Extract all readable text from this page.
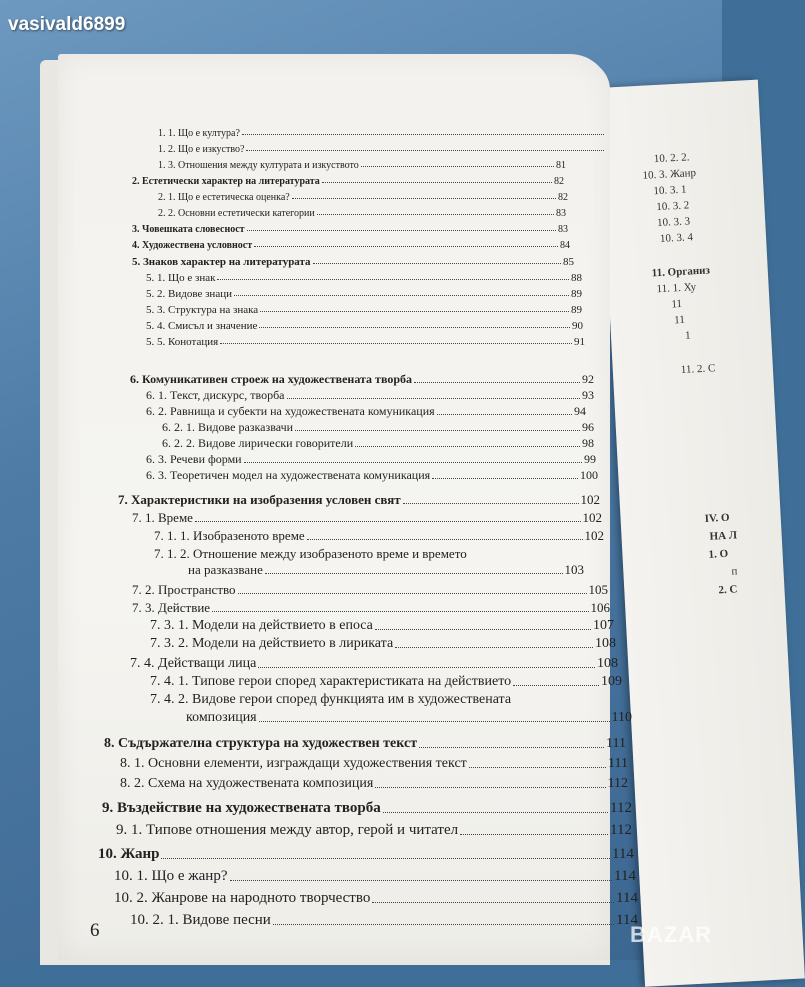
10. 2. 2.
10. 3. Жанр
10. 3. 1
10. 3. 2
10. 3. 3
10. 3. 4
11. Организ
11. 1. Ху
11
11
1
11. 2. С
IV. О
НА Л
1. О
п
2. С
1. 1. Що е култура?
1. 2. Що е изкуство?
1. 3. Отношения между културата и изкуството	81
2. Естетически характер на литературата	82
2. 1. Що е естетическа оценка?	82
2. 2. Основни естетически категории	83
3. Човешката словесност	83
4. Художествена условност	84
5. Знаков характер на литературата	85
5. 1. Що е знак	88
5. 2. Видове знаци	89
5. 3. Структура на знака	89
5. 4. Смисъл и значение	90
5. 5. Конотация	91
6. Комуникативен строеж на художествената творба	92
6. 1. Текст, дискурс, творба	93
6. 2. Равнища и субекти на художествената комуникация	94
6. 2. 1. Видове разказвачи	96
6. 2. 2. Видове лирически говорители	98
6. 3. Речеви форми	99
6. 3. Теоретичен модел на художествената комуникация	100
7. Характеристики на изобразения условен свят	102
7. 1. Време	102
7. 1. 1. Изобразеното време	102
7. 1. 2. Отношение между изобразеното време и времето
на разказване	103
7. 2. Пространство	105
7. 3. Действие	106
7. 3. 1. Модели на действието в епоса	107
7. 3. 2. Модели на действието в лириката	108
7. 4. Действащи лица	108
7. 4. 1. Типове герои според характеристиката на действието	109
7. 4. 2. Видове герои според функцията им в художествената
композиция	110
8. Съдържателна структура на художествен текст	111
8. 1. Основни елементи, изграждащи художествения текст	111
8. 2. Схема на художествената композиция	112
9. Въздействие на художествената творба	112
9. 1. Типове отношения между автор, герой и читател	112
10. Жанр	114
10. 1. Що е жанр?	114
10. 2. Жанрове на народното творчество	114
10. 2. 1. Видове песни	114
6
vasivald6899
BAZAR
